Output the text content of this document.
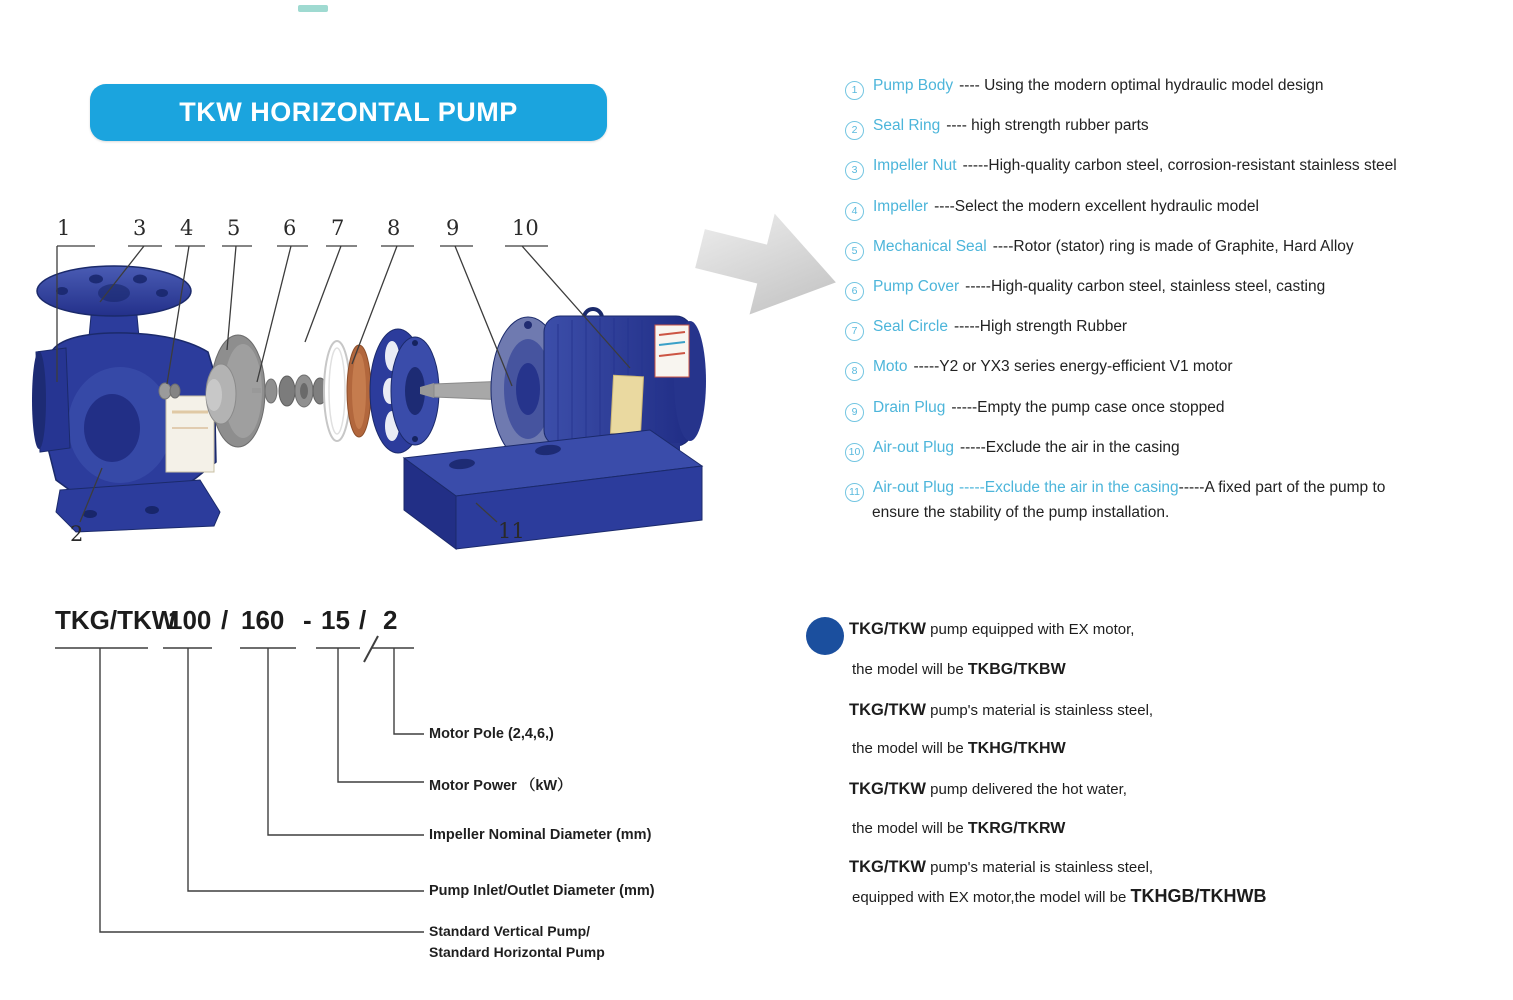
TKW HORIZONTAL PUMP
1
2
3 4 5 6 7 8 9	10
11
1 Pump Body ---- Using the modern optimal hydraulic model design
2 Seal Ring ---- high strength rubber parts
3 Impeller Nut -----High-quality carbon steel, corrosion-resistant stainless steel
4 Impeller ----Select the modern excellent hydraulic model
5 Mechanical Seal ----Rotor (stator) ring is made of Graphite, Hard Alloy
6 Pump Cover -----High-quality carbon steel, stainless steel, casting
7 Seal Circle -----High strength Rubber
8 Moto -----Y2 or YX3 series energy-efficient V1 motor
9 Drain Plug -----Empty the pump case once stopped
10 Air-out Plug -----Exclude the air in the casing
11 Air-out Plug -----Exclude the air in the casing-----A fixed part of the pump to
ensure the stability of the pump installation.
TKG/TKW
100 / 160 - 15 / 2
Motor Pole (2,4,6,)
Motor Power （kW）
Impeller Nominal Diameter (mm)
Pump Inlet/Outlet Diameter (mm)
Standard Vertical Pump/
Standard Horizontal Pump
TKG/TKW pump equipped with EX motor,
the model will be TKBG/TKBW
TKG/TKW pump's material is stainless steel,
the model will be TKHG/TKHW
TKG/TKW pump delivered the hot water,
the model will be TKRG/TKRW
TKG/TKW pump's material is stainless steel,
equipped with EX motor,the model will be TKHGB/TKHWB
